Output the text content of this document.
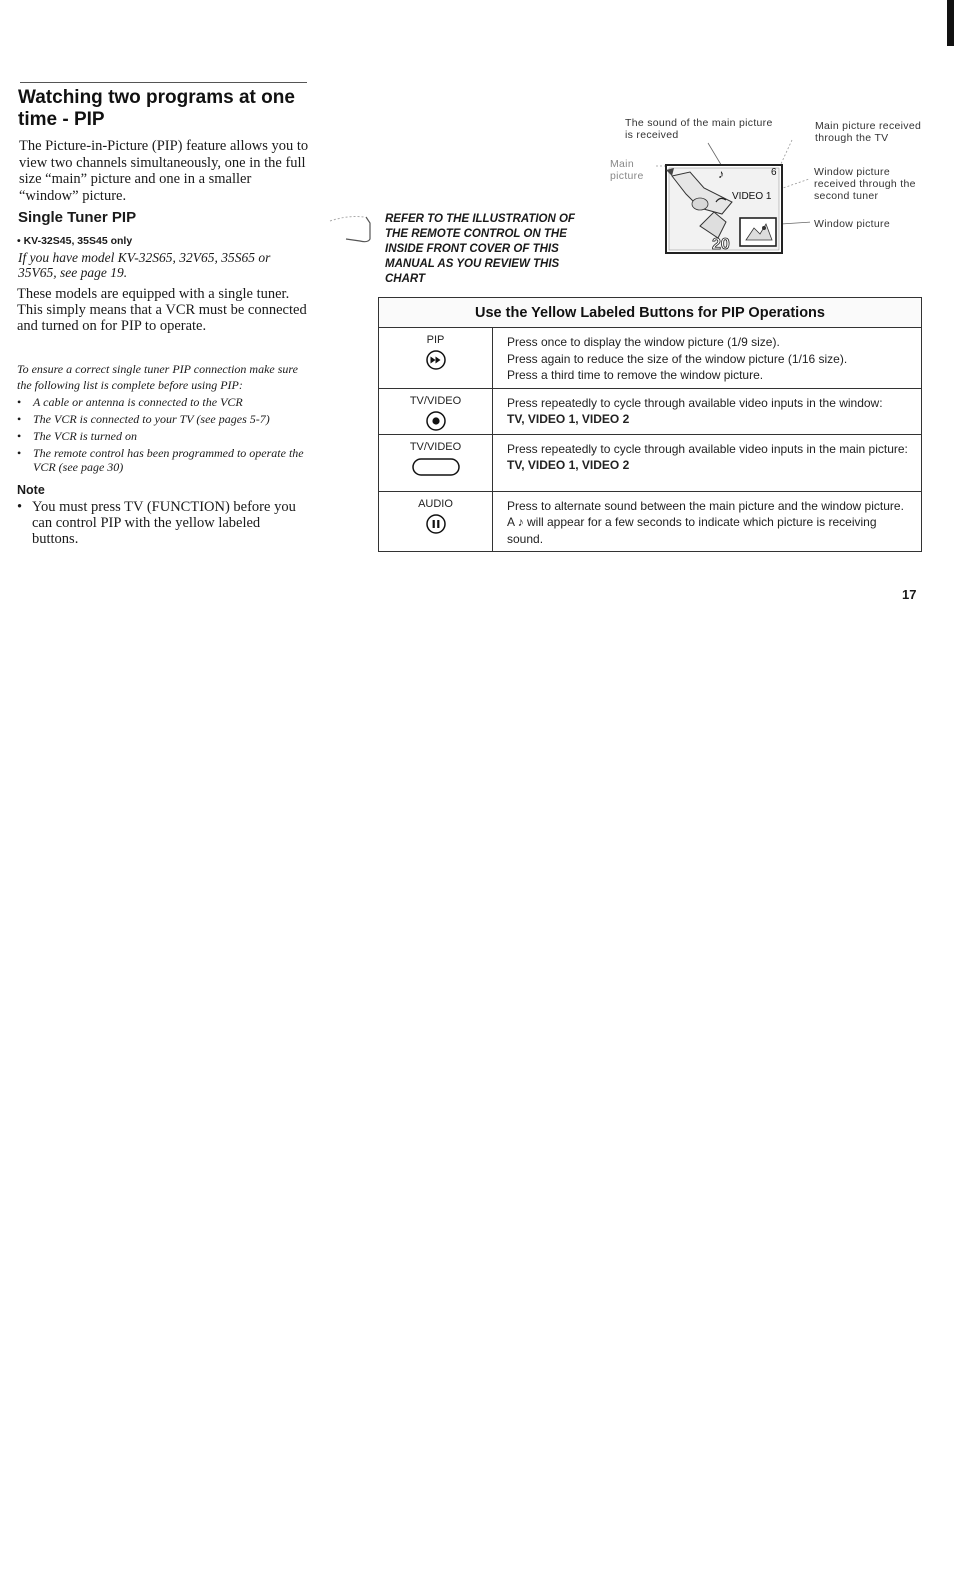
Watching two programs at one time - PIP

The Picture-in-Picture (PIP) feature allows you to view two channels simultaneously, one in the full size “main” picture and one in a smaller “window” picture.

Single Tuner PIP
• KV-32S45, 35S45 only

If you have model KV-32S65, 32V65, 35S65 or 35V65, see page 19.

These models are equipped with a single tuner. This simply means that a VCR must be connected and turned on for PIP to operate.

To ensure a correct single tuner PIP connection make sure the following list is complete before using PIP:

• A cable or antenna is connected to the VCR
• The VCR is connected to your TV (see pages 5-7)
• The VCR is turned on
• The remote control has been programmed to operate the VCR (see page 30)
Note
• You must press TV (FUNCTION) before you can control PIP with the yellow labeled buttons.

REFER TO THE ILLUSTRATION OF THE REMOTE CONTROL ON THE INSIDE FRONT COVER OF THIS MANUAL AS YOU REVIEW THIS CHART

♪	6
VIDEO 1
20

The sound of the main picture is received

Main picture

Main picture received through the TV

Window picture received through the second tuner

Window picture

Use the Yellow Labeled Buttons for PIP Operations	

PIP	Press once to display the window picture (1/9 size).
Press again to reduce the size of the window picture (1/16 size).
Press a third time to remove the window picture.

TV/VIDEO	Press repeatedly to cycle through available video inputs in the window:
TV, VIDEO 1, VIDEO 2

TV/VIDEO	Press repeatedly to cycle through available video inputs in the main picture:
TV, VIDEO 1, VIDEO 2

AUDIO	Press to alternate sound between the main picture and the window picture. A ♪ will appear for a few seconds to indicate which picture is receiving sound.
17
